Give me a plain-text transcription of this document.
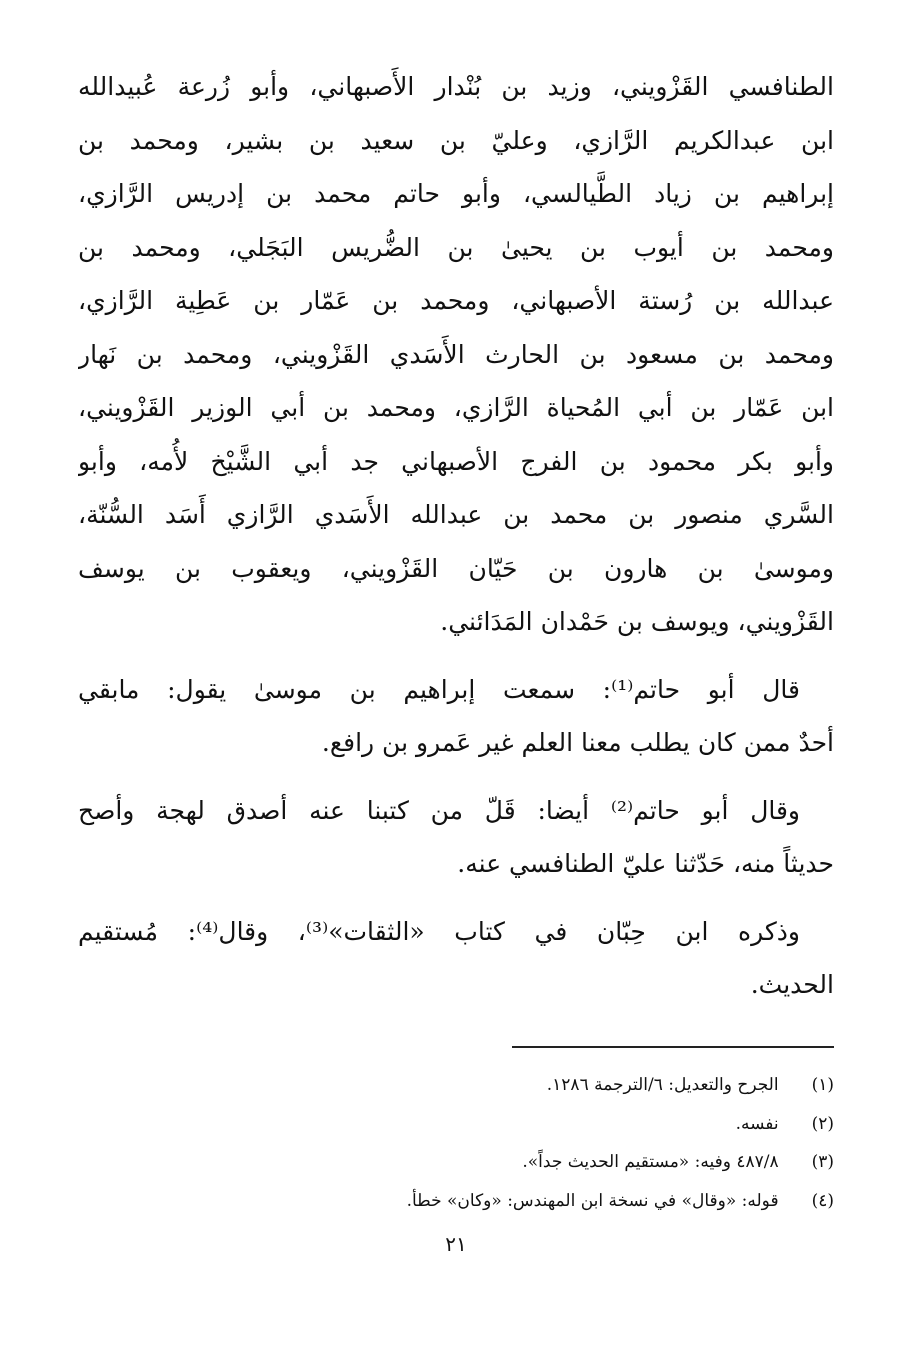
الطنافسي القَزْويني، وزيد بن بُنْدار الأَصبهاني، وأبو زُرعة عُبيدالله
ابن عبدالكريم الرَّازي، وعليّ بن سعيد بن بشير، ومحمد بن
إبراهيم بن زياد الطَّيالسي، وأبو حاتم محمد بن إدريس الرَّازي،
ومحمد بن أيوب بن يحيىٰ بن الضُّريس البَجَلي، ومحمد بن
عبدالله بن رُستة الأصبهاني، ومحمد بن عَمّار بن عَطِية الرَّازي،
ومحمد بن مسعود بن الحارث الأَسَدي القَزْويني، ومحمد بن نَهار
ابن عَمّار بن أبي المُحياة الرَّازي، ومحمد بن أبي الوزير القَزْويني،
وأبو بكر محمود بن الفرج الأصبهاني جد أبي الشَّيْخ لأُمه، وأبو
السَّري منصور بن محمد بن عبدالله الأَسَدي الرَّازي أَسَد السُّنّة،
وموسىٰ بن هارون بن حَيّان القَزْويني، ويعقوب بن يوسف
القَزْويني، ويوسف بن حَمْدان المَدَائني.
قال أبو حاتم⁽¹⁾: سمعت إبراهيم بن موسىٰ يقول: مابقي
أحدٌ ممن كان يطلب معنا العلم غير عَمرو بن رافع.
وقال أبو حاتم⁽²⁾ أيضا: قَلّ من كتبنا عنه أصدق لهجة وأصح
حديثاً منه، حَدّثنا عليّ الطنافسي عنه.
وذكره ابن حِبّان في كتاب «الثقات»⁽³⁾، وقال⁽⁴⁾: مُستقيم
الحديث.
(١) الجرح والتعديل: ٦/الترجمة ١٢٨٦.
(٢) نفسه.
(٣) ٤٨٧/٨ وفيه: «مستقيم الحديث جداً».
(٤) قوله: «وقال» في نسخة ابن المهندس: «وكان» خطأ.
٢١
